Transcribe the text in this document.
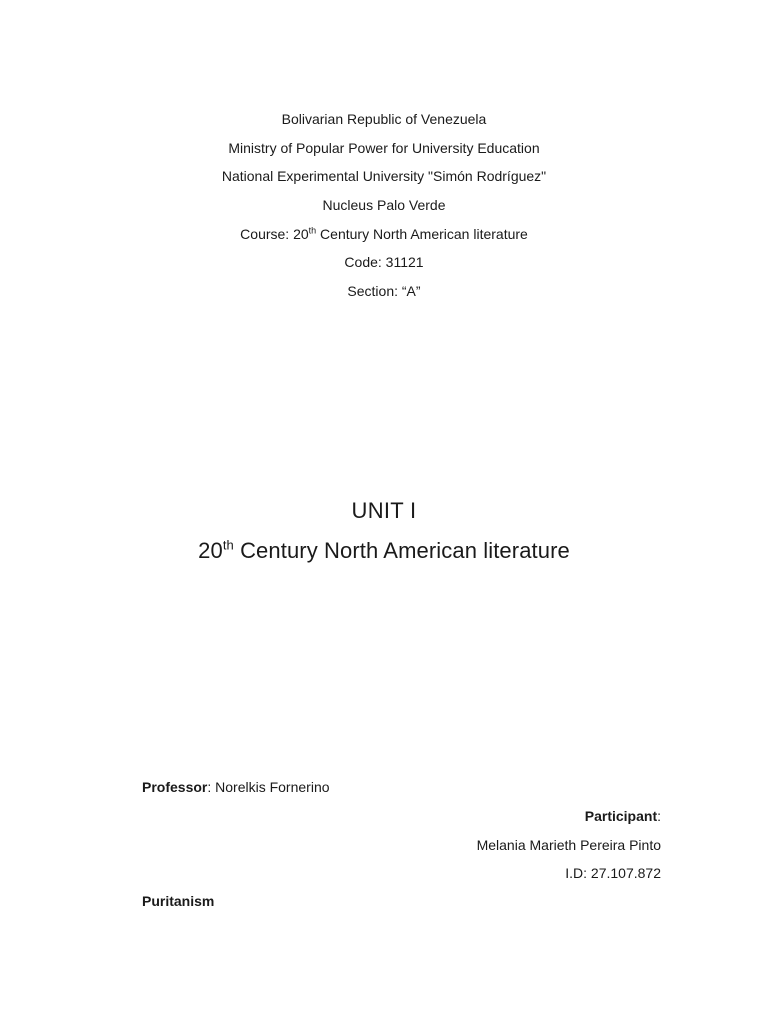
Bolivarian Republic of Venezuela
Ministry of Popular Power for University Education
National Experimental University "Simón Rodríguez"
Nucleus Palo Verde
Course: 20th Century North American literature
Code: 31121
Section: “A”
UNIT I
20th Century North American literature
Professor: Norelkis Fornerino
Participant:
Melania Marieth Pereira Pinto
I.D: 27.107.872
Puritanism
